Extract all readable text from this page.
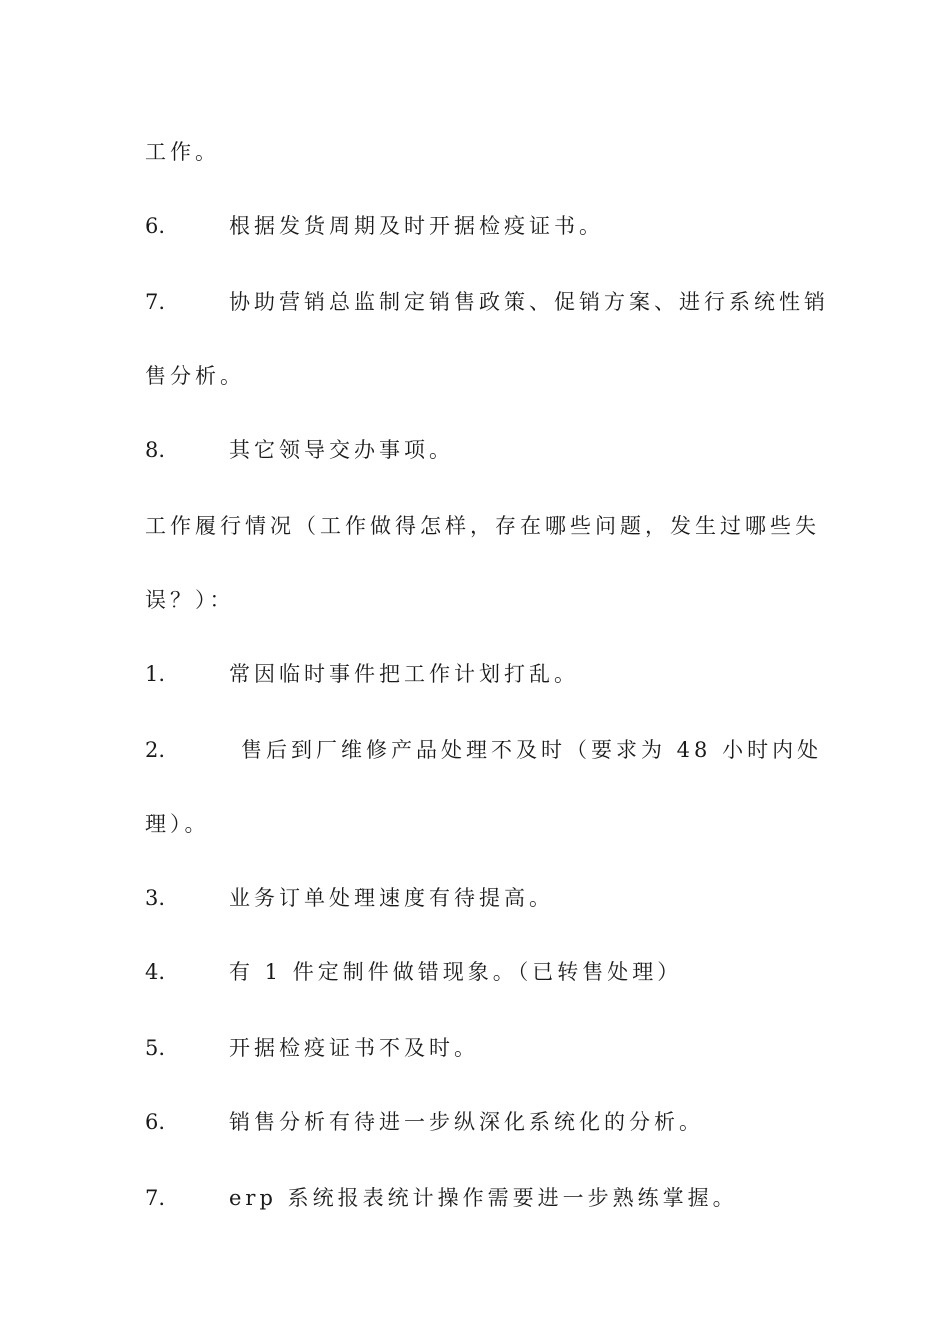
工作。
6.	根据发货周期及时开据检疫证书。
7.	协助营销总监制定销售政策、促销方案、进行系统性销
售分析。
8.	其它领导交办事项。
工作履行情况（工作做得怎样，存在哪些问题，发生过哪些失
误？）：
1.	常因临时事件把工作计划打乱。
2.	售后到厂维修产品处理不及时（要求为 48 小时内处
理）。
3.	业务订单处理速度有待提高。
4.	有 1 件定制件做错现象。（已转售处理）
5.	开据检疫证书不及时。
6.	销售分析有待进一步纵深化系统化的分析。
7.	erp 系统报表统计操作需要进一步熟练掌握。
